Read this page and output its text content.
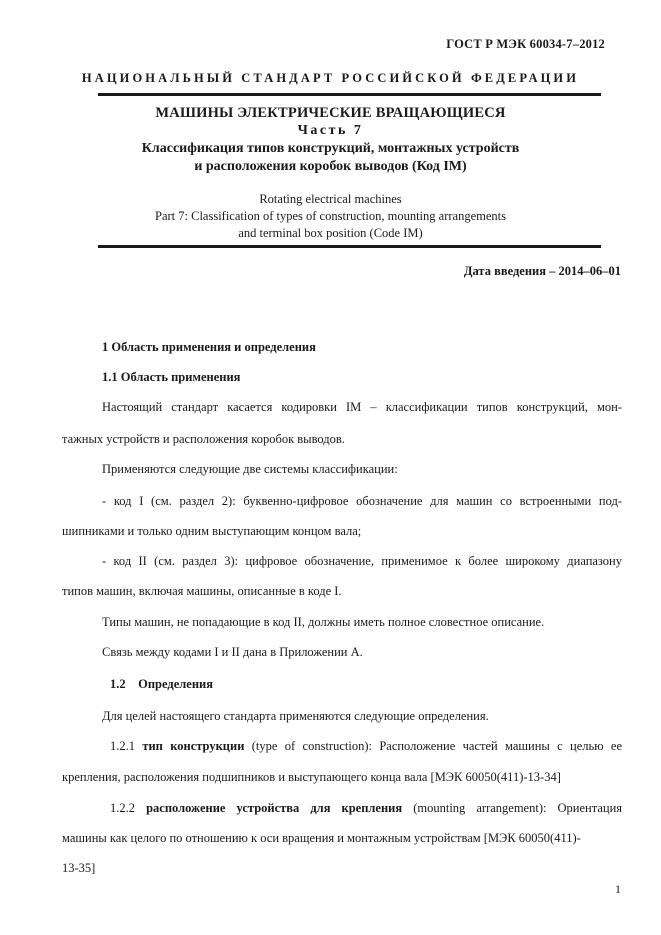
ГОСТ Р МЭК 60034-7–2012
НАЦИОНАЛЬНЫЙ СТАНДАРТ РОССИЙСКОЙ ФЕДЕРАЦИИ
МАШИНЫ ЭЛЕКТРИЧЕСКИЕ ВРАЩАЮЩИЕСЯ
Часть 7
Классификация типов конструкций, монтажных устройств
и расположения коробок выводов (Код IM)
Rotating electrical machines
Part 7: Classification of types of construction, mounting arrangements
and terminal box position (Code IM)
Дата введения – 2014–06–01
1 Область применения и определения
1.1 Область применения
Настоящий стандарт касается кодировки IM – классификации типов конструкций, мон-
тажных устройств и расположения коробок выводов.
Применяются следующие две системы классификации:
- код I (см. раздел 2): буквенно-цифровое обозначение для машин со встроенными под-
шипниками и только одним выступающим концом вала;
- код II (см. раздел 3): цифровое обозначение, применимое к более широкому диапазону
типов машин, включая машины, описанные в коде I.
Типы машин, не попадающие в код II, должны иметь полное словестное описание.
Связь между кодами I и II дана в Приложении А.
1.2 Определения
Для целей настоящего стандарта применяются следующие определения.
1.2.1 тип конструкции (type of construction): Расположение частей машины с целью ее
крепления, расположения подшипников и выступающего конца вала [МЭК 60050(411)-13-34]
1.2.2 расположение устройства для крепления (mounting arrangement): Ориентация
машины как целого по отношению к оси вращения и монтажным устройствам [МЭК 60050(411)-
13-35]
1
